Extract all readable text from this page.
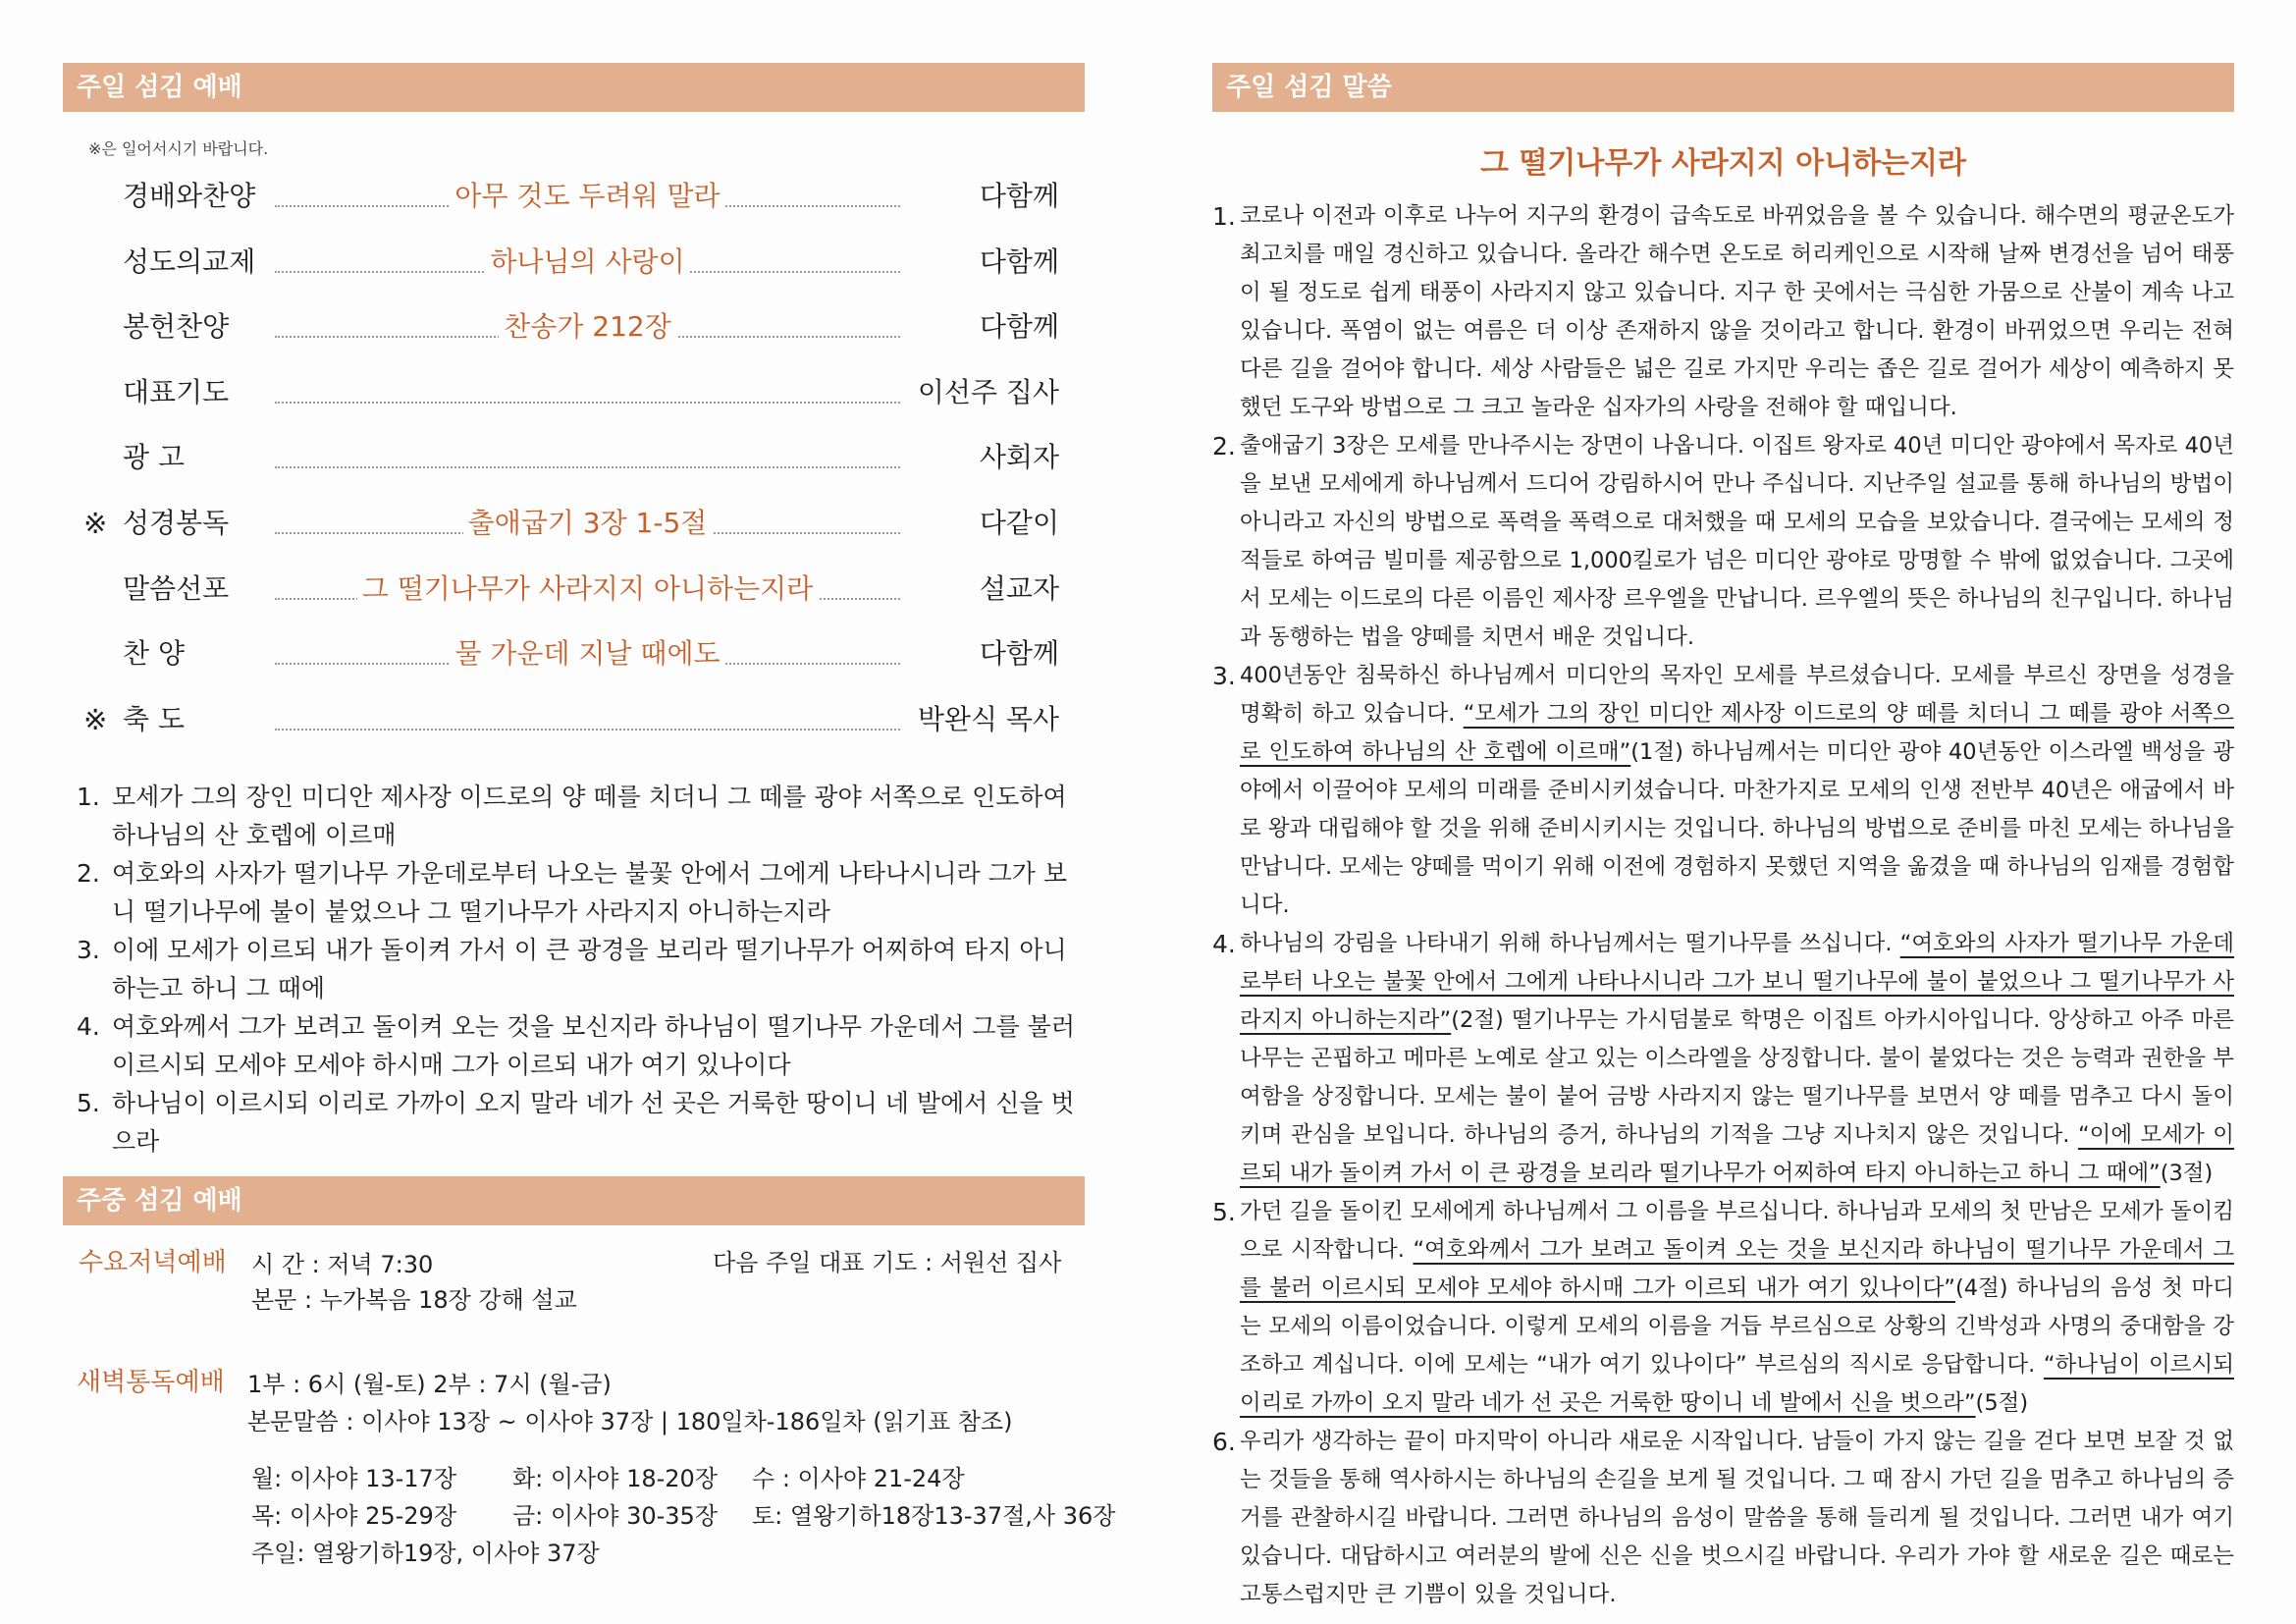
주일 섬김 예배
※은 일어서시기 바랍니다.
경배와찬양	아무 것도 두려워 말라	다함께
성도의교제	하나님의 사랑이	다함께
봉헌찬양	찬송가 212장	다함께
대표기도	이선주 집사
광 고	사회자
※ 성경봉독	출애굽기 3장 1-5절	다같이
말씀선포	그 떨기나무가 사라지지 아니하는지라	설교자
찬 양	물 가운데 지날 때에도	다함께
※ 축 도	박완식 목사
1. 모세가 그의 장인 미디안 제사장 이드로의 양 떼를 치더니 그 떼를 광야 서쪽으로 인도하여 하나님의 산 호렙에 이르매
2. 여호와의 사자가 떨기나무 가운데로부터 나오는 불꽃 안에서 그에게 나타나시니라 그가 보니 떨기나무에 불이 붙었으나 그 떨기나무가 사라지지 아니하는지라
3. 이에 모세가 이르되 내가 돌이켜 가서 이 큰 광경을 보리라 떨기나무가 어찌하여 타지 아니하는고 하니 그 때에
4. 여호와께서 그가 보려고 돌이켜 오는 것을 보신지라 하나님이 떨기나무 가운데서 그를 불러 이르시되 모세야 모세야 하시매 그가 이르되 내가 여기 있나이다
5. 하나님이 이르시되 이리로 가까이 오지 말라 네가 선 곳은 거룩한 땅이니 네 발에서 신을 벗으라
주중 섬김 예배
수요저녁예배 시 간 : 저녁 7:30	다음 주일 대표 기도 : 서원선 집사
본문 : 누가복음 18장 강해 설교
새벽통독예배 1부 : 6시 (월-토) 2부 : 7시 (월-금)
본문말씀 : 이사야 13장 ~ 이사야 37장 | 180일차-186일차 (읽기표 참조)
월: 이사야 13-17장 화: 이사야 18-20장 수 : 이사야 21-24장
목: 이사야 25-29장 금: 이사야 30-35장 토: 열왕기하18장13-37절,사 36장
주일: 열왕기하19장, 이사야 37장
주일 섬김 말씀
그 떨기나무가 사라지지 아니하는지라
1. 코로나 이전과 이후로 나누어 지구의 환경이 급속도로 바뀌었음을 볼 수 있습니다. 해수면의 평균온도가 최고치를 매일 경신하고 있습니다. 올라간 해수면 온도로 허리케인으로 시작해 날짜 변경선을 넘어 태풍이 될 정도로 쉽게 태풍이 사라지지 않고 있습니다. 지구 한 곳에서는 극심한 가뭄으로 산불이 계속 나고 있습니다. 폭염이 없는 여름은 더 이상 존재하지 않을 것이라고 합니다. 환경이 바뀌었으면 우리는 전혀 다른 길을 걸어야 합니다. 세상 사람들은 넓은 길로 가지만 우리는 좁은 길로 걸어가 세상이 예측하지 못했던 도구와 방법으로 그 크고 놀라운 십자가의 사랑을 전해야 할 때입니다.
2. 출애굽기 3장은 모세를 만나주시는 장면이 나옵니다. 이집트 왕자로 40년 미디안 광야에서 목자로 40년을 보낸 모세에게 하나님께서 드디어 강림하시어 만나 주십니다. 지난주일 설교를 통해 하나님의 방법이 아니라고 자신의 방법으로 폭력을 폭력으로 대처했을 때 모세의 모습을 보았습니다. 결국에는 모세의 정적들로 하여금 빌미를 제공함으로 1,000킬로가 넘은 미디안 광야로 망명할 수 밖에 없었습니다. 그곳에서 모세는 이드로의 다른 이름인 제사장 르우엘을 만납니다. 르우엘의 뜻은 하나님의 친구입니다. 하나님과 동행하는 법을 양떼를 치면서 배운 것입니다.
3. 400년동안 침묵하신 하나님께서 미디안의 목자인 모세를 부르셨습니다. 모세를 부르신 장면을 성경을 명확히 하고 있습니다. “모세가 그의 장인 미디안 제사장 이드로의 양 떼를 치더니 그 떼를 광야 서쪽으로 인도하여 하나님의 산 호렙에 이르매”(1절) 하나님께서는 미디안 광야 40년동안 이스라엘 백성을 광야에서 이끌어야 모세의 미래를 준비시키셨습니다. 마찬가지로 모세의 인생 전반부 40년은 애굽에서 바로 왕과 대립해야 할 것을 위해 준비시키시는 것입니다. 하나님의 방법으로 준비를 마친 모세는 하나님을 만납니다. 모세는 양떼를 먹이기 위해 이전에 경험하지 못했던 지역을 옮겼을 때 하나님의 임재를 경험합니다.
4. 하나님의 강림을 나타내기 위해 하나님께서는 떨기나무를 쓰십니다. “여호와의 사자가 떨기나무 가운데로부터 나오는 불꽃 안에서 그에게 나타나시니라 그가 보니 떨기나무에 불이 붙었으나 그 떨기나무가 사라지지 아니하는지라”(2절) 떨기나무는 가시덤불로 학명은 이집트 아카시아입니다. 앙상하고 아주 마른 나무는 곤핍하고 메마른 노예로 살고 있는 이스라엘을 상징합니다. 불이 붙었다는 것은 능력과 권한을 부여함을 상징합니다. 모세는 불이 붙어 금방 사라지지 않는 떨기나무를 보면서 양 떼를 멈추고 다시 돌이키며 관심을 보입니다. 하나님의 증거, 하나님의 기적을 그냥 지나치지 않은 것입니다. “이에 모세가 이르되 내가 돌이켜 가서 이 큰 광경을 보리라 떨기나무가 어찌하여 타지 아니하는고 하니 그 때에”(3절)
5. 가던 길을 돌이킨 모세에게 하나님께서 그 이름을 부르십니다. 하나님과 모세의 첫 만남은 모세가 돌이킴으로 시작합니다. “여호와께서 그가 보려고 돌이켜 오는 것을 보신지라 하나님이 떨기나무 가운데서 그를 불러 이르시되 모세야 모세야 하시매 그가 이르되 내가 여기 있나이다”(4절) 하나님의 음성 첫 마디는 모세의 이름이었습니다. 이렇게 모세의 이름을 거듭 부르심으로 상황의 긴박성과 사명의 중대함을 강조하고 계십니다. 이에 모세는 “내가 여기 있나이다” 부르심의 직시로 응답합니다. “하나님이 이르시되 이리로 가까이 오지 말라 네가 선 곳은 거룩한 땅이니 네 발에서 신을 벗으라”(5절)
6. 우리가 생각하는 끝이 마지막이 아니라 새로운 시작입니다. 남들이 가지 않는 길을 걷다 보면 보잘 것 없는 것들을 통해 역사하시는 하나님의 손길을 보게 될 것입니다. 그 때 잠시 가던 길을 멈추고 하나님의 증거를 관찰하시길 바랍니다. 그러면 하나님의 음성이 말씀을 통해 들리게 될 것입니다. 그러면 내가 여기 있습니다. 대답하시고 여러분의 발에 신은 신을 벗으시길 바랍니다. 우리가 가야 할 새로운 길은 때로는 고통스럽지만 큰 기쁨이 있을 것입니다.
